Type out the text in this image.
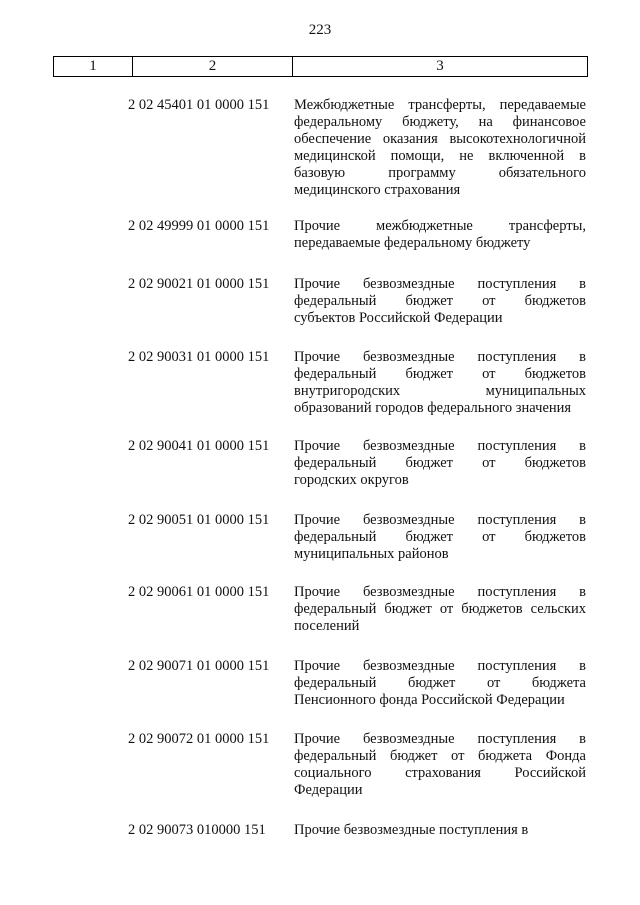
223
1	2	3
2 02 45401 01 0000 151	Межбюджетные трансферты, передаваемые
федеральному бюджету, на финансовое
обеспечение оказания высокотехнологичной
медицинской помощи, не включенной в
базовую программу обязательного
медицинского страхования
2 02 49999 01 0000 151	Прочие межбюджетные трансферты,
передаваемые федеральному бюджету
2 02 90021 01 0000 151	Прочие безвозмездные поступления в
федеральный бюджет от бюджетов
субъектов Российской Федерации
2 02 90031 01 0000 151	Прочие безвозмездные поступления в
федеральный бюджет от бюджетов
внутригородских муниципальных
образований городов федерального значения
2 02 90041 01 0000 151	Прочие безвозмездные поступления в
федеральный бюджет от бюджетов
городских округов
2 02 90051 01 0000 151	Прочие безвозмездные поступления в
федеральный бюджет от бюджетов
муниципальных районов
2 02 90061 01 0000 151	Прочие безвозмездные поступления в
федеральный бюджет от бюджетов сельских
поселений
2 02 90071 01 0000 151	Прочие безвозмездные поступления в
федеральный бюджет от бюджета
Пенсионного фонда Российской Федерации
2 02 90072 01 0000 151	Прочие безвозмездные поступления в
федеральный бюджет от бюджета Фонда
социального страхования Российской
Федерации
2 02 90073 010000 151	Прочие безвозмездные поступления в
